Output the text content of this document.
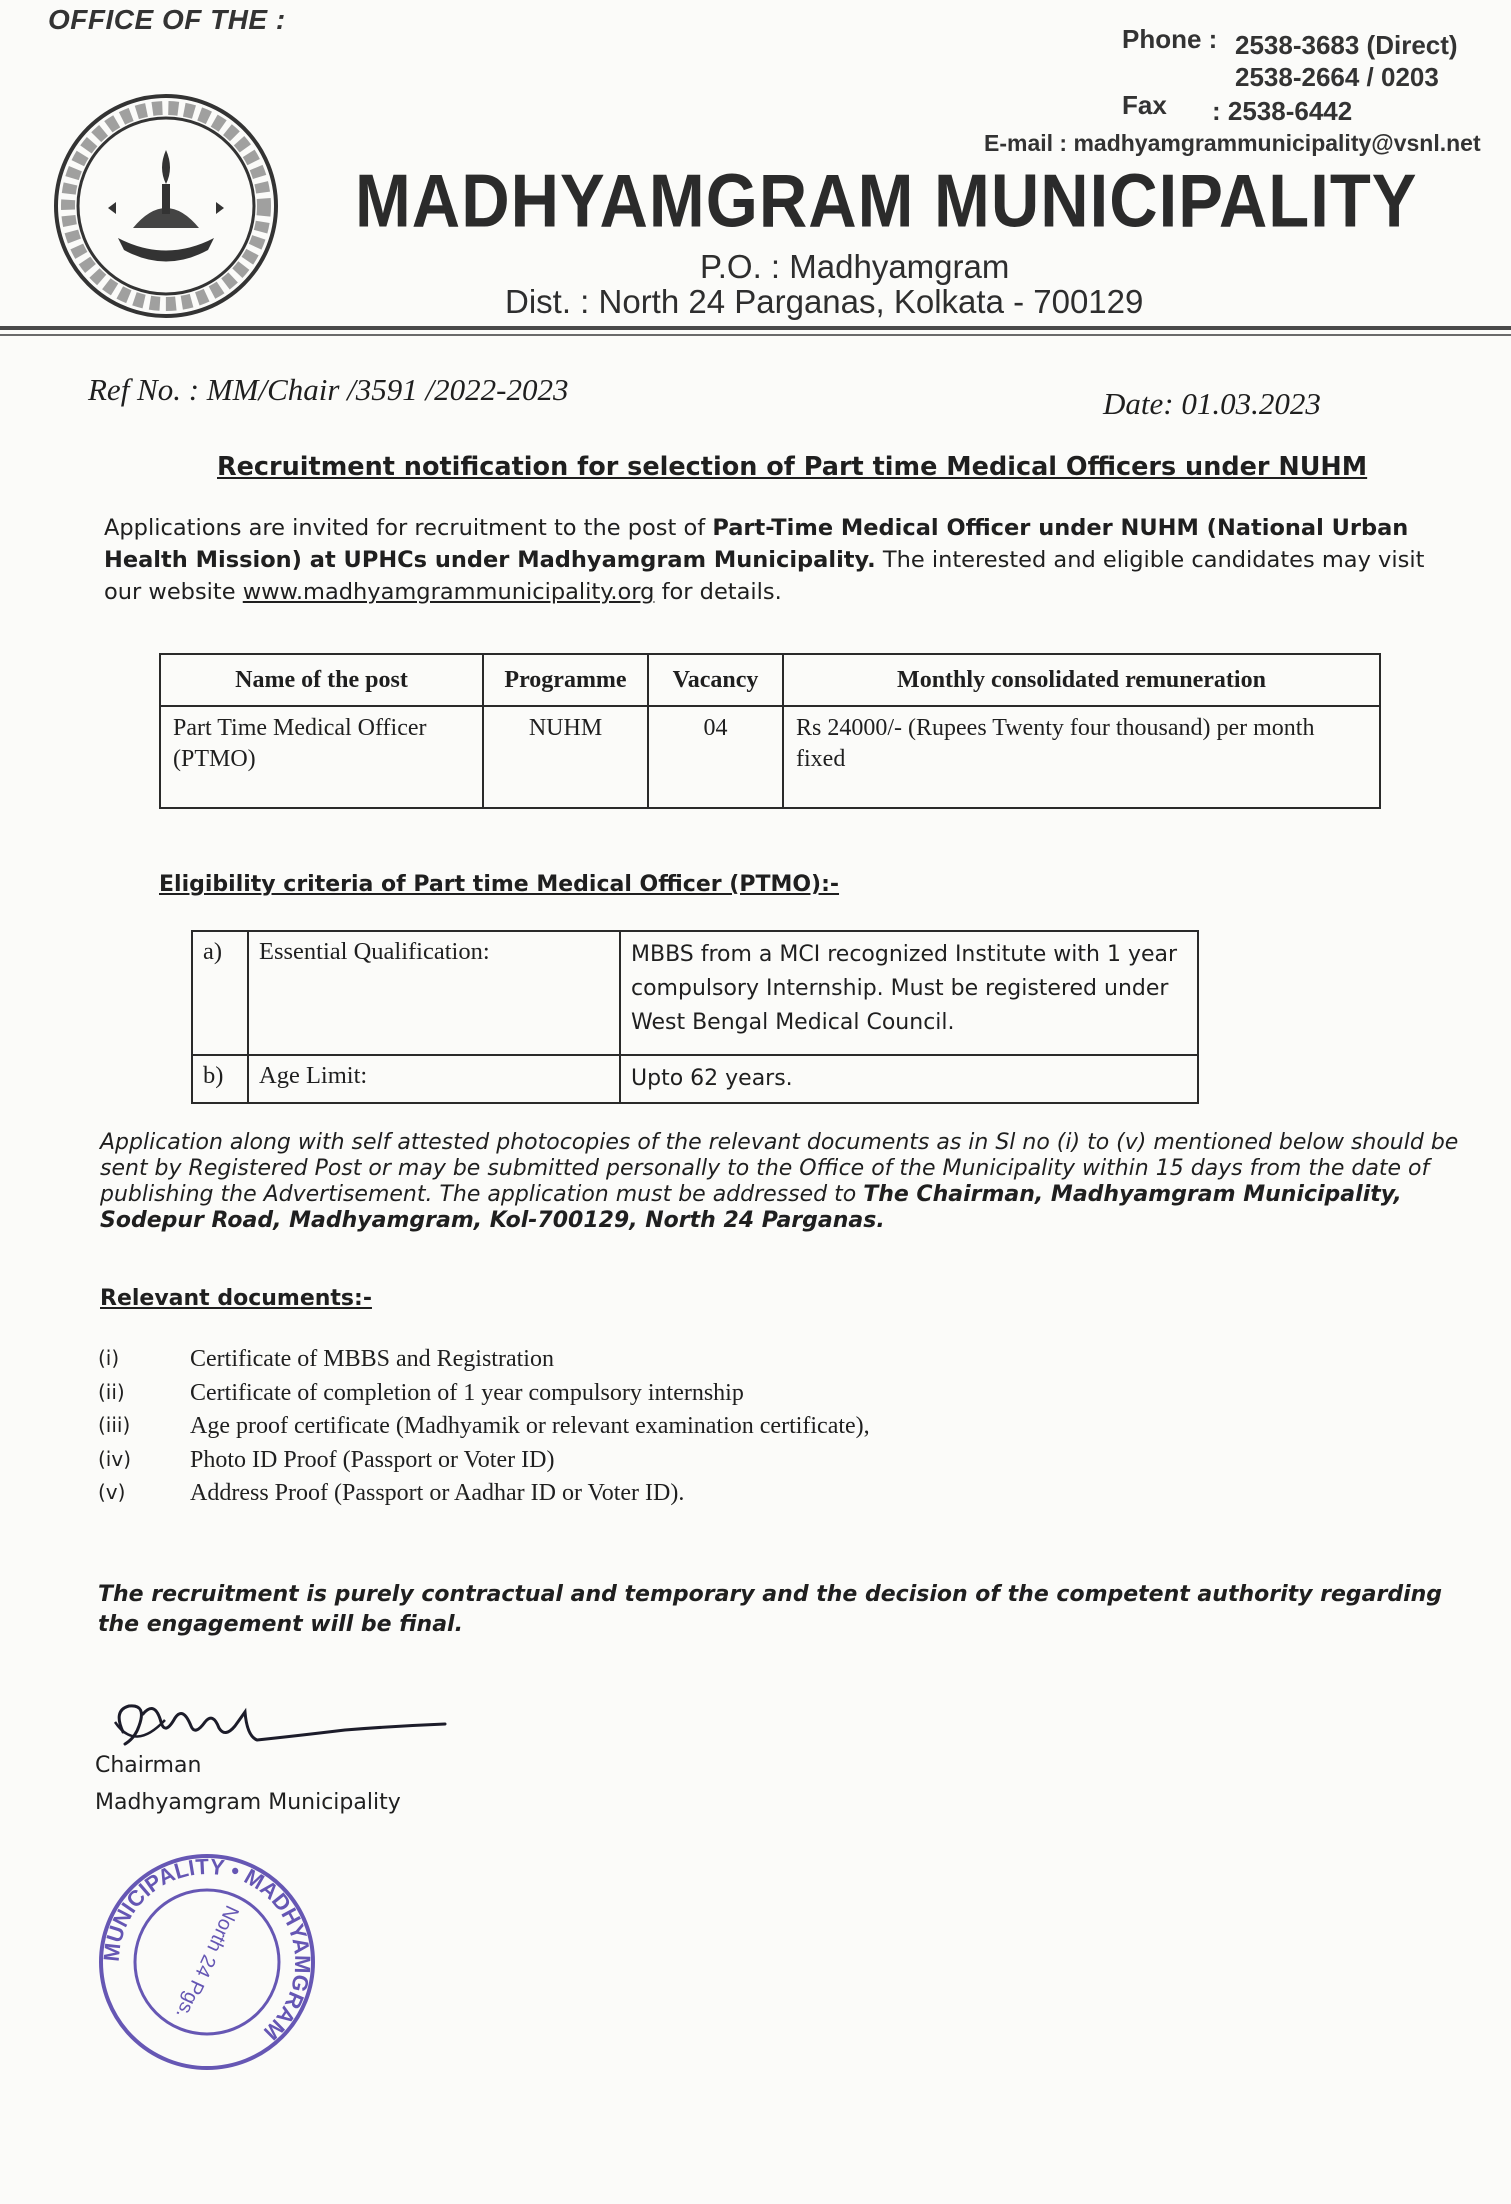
OFFICE OF THE :
Phone : 2538-3683 (Direct)
2538-2664 / 0203
Fax : 2538-6442
E-mail : madhyamgrammunicipality@vsnl.net
MADHYAMGRAM MUNICIPALITY
P.O. : Madhyamgram
Dist. : North 24 Parganas, Kolkata - 700129
Ref No. : MM/Chair /3591 /2022-2023	Date: 01.03.2023
Recruitment notification for selection of Part time Medical Officers under NUHM

Applications are invited for recruitment to the post of Part-Time Medical Officer under NUHM (National Urban Health Mission) at UPHCs under Madhyamgram Municipality. The interested and eligible candidates may visit our website www.madhyamgrammunicipality.org for details.

Name of the post	Programme	Vacancy	Monthly consolidated remuneration
Part Time Medical Officer (PTMO)	NUHM	04	Rs 24000/- (Rupees Twenty four thousand) per month fixed
Eligibility criteria of Part time Medical Officer (PTMO):-
a)	Essential Qualification:	MBBS from a MCI recognized Institute with 1 year compulsory Internship. Must be registered under West Bengal Medical Council.
b)	Age Limit:	Upto 62 years.

Application along with self attested photocopies of the relevant documents as in Sl no (i) to (v) mentioned below should be sent by Registered Post or may be submitted personally to the Office of the Municipality within 15 days from the date of publishing the Advertisement. The application must be addressed to The Chairman, Madhyamgram Municipality, Sodepur Road, Madhyamgram, Kol-700129, North 24 Parganas.

Relevant documents:-
(i)	Certificate of MBBS and Registration
(ii)	Certificate of completion of 1 year compulsory internship
(iii)	Age proof certificate (Madhyamik or relevant examination certificate),
(iv)	Photo ID Proof (Passport or Voter ID)
(v)	Address Proof (Passport or Aadhar ID or Voter ID).

The recruitment is purely contractual and temporary and the decision of the competent authority regarding the engagement will be final.

Chairman
Madhyamgram Municipality
MUNICIPALITY • MADHYAMGRAM
North 24 Pgs.
